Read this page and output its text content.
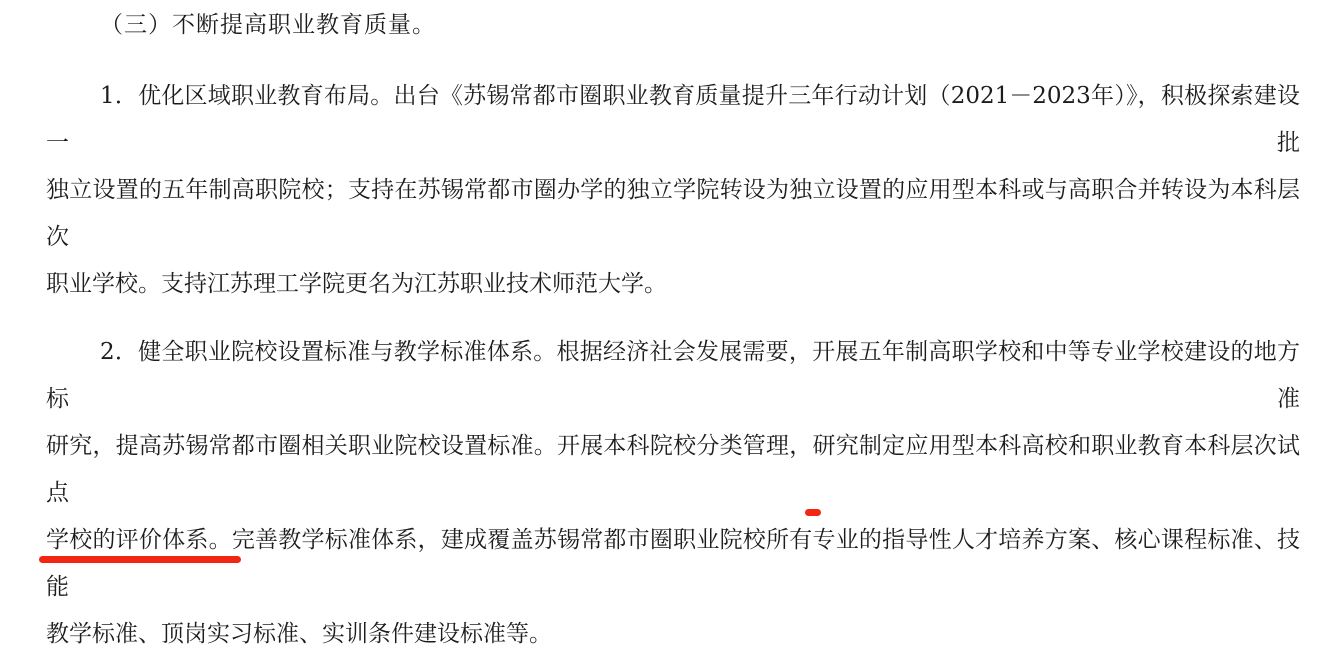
（三）不断提高职业教育质量。
1．优化区域职业教育布局。出台《苏锡常都市圈职业教育质量提升三年行动计划（2021－2023年）》，积极探索建设一批
独立设置的五年制高职院校；支持在苏锡常都市圈办学的独立学院转设为独立设置的应用型本科或与高职合并转设为本科层次
职业学校。支持江苏理工学院更名为江苏职业技术师范大学。
2．健全职业院校设置标准与教学标准体系。根据经济社会发展需要，开展五年制高职学校和中等专业学校建设的地方标准
研究，提高苏锡常都市圈相关职业院校设置标准。开展本科院校分类管理，研究制定应用型本科高校和职业教育本科层次试点
学校的评价体系。完善教学标准体系，建成覆盖苏锡常都市圈职业院校所有专业的指导性人才培养方案、核心课程标准、技能
教学标准、顶岗实习标准、实训条件建设标准等。
